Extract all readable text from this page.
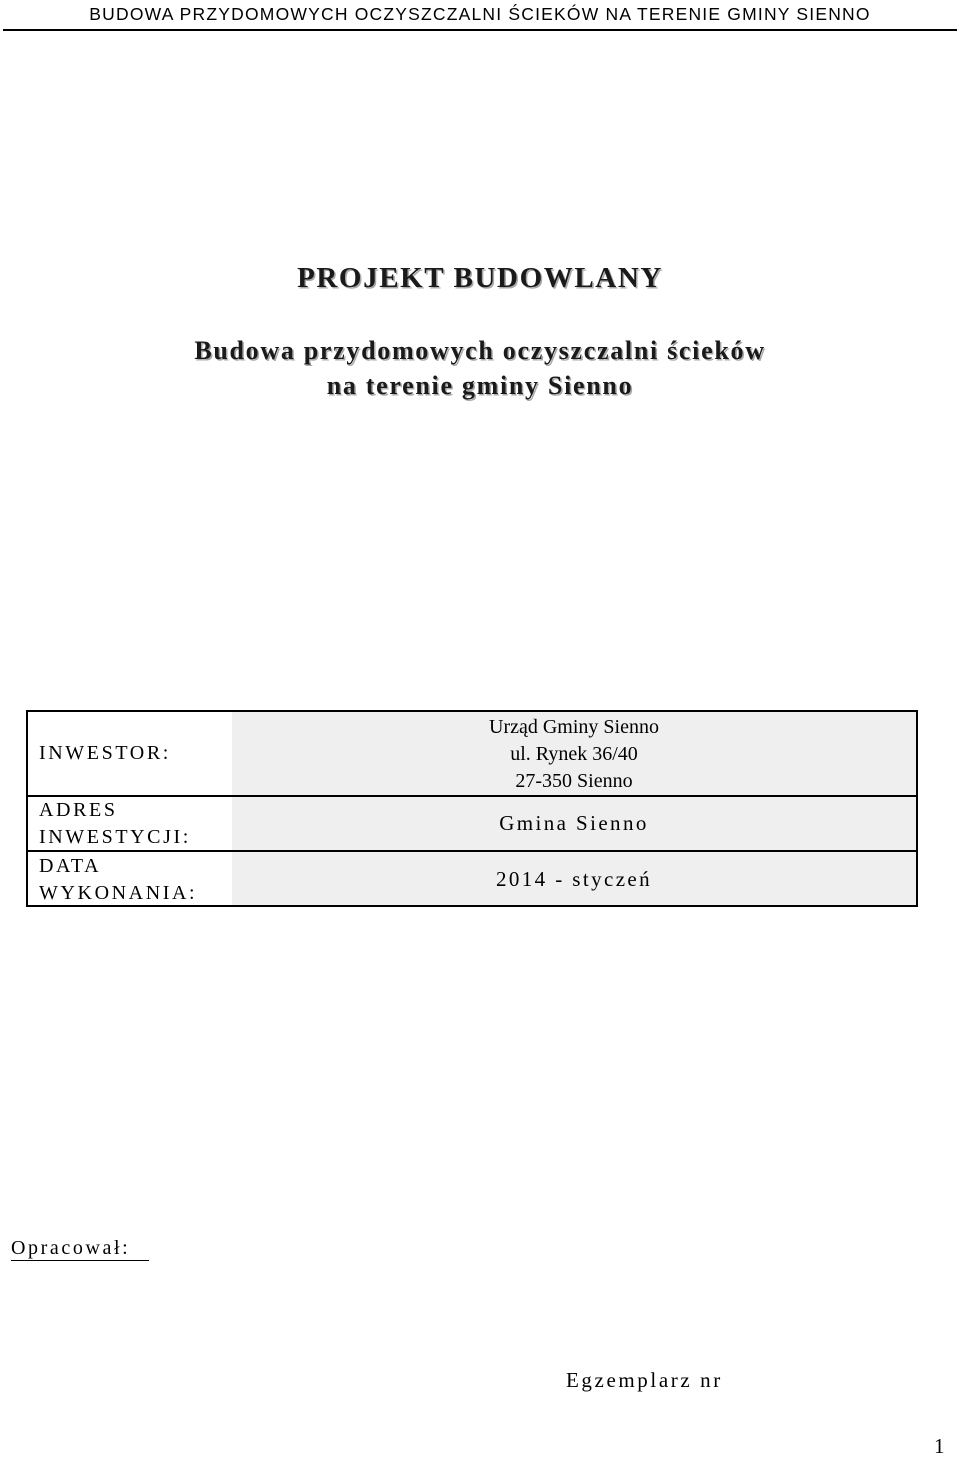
BUDOWA PRZYDOMOWYCH OCZYSZCZALNI ŚCIEKÓW NA TERENIE GMINY SIENNO
PROJEKT BUDOWLANY
Budowa przydomowych oczyszczalni ścieków
na terenie gminy Sienno
INWESTOR:
ADRES
INWESTYCJI:
DATA
WYKONANIA:
Urząd Gminy Sienno
ul. Rynek 36/40
27-350 Sienno
Gmina Sienno
2014 - styczeń
Opracował:
Egzemplarz nr
1
